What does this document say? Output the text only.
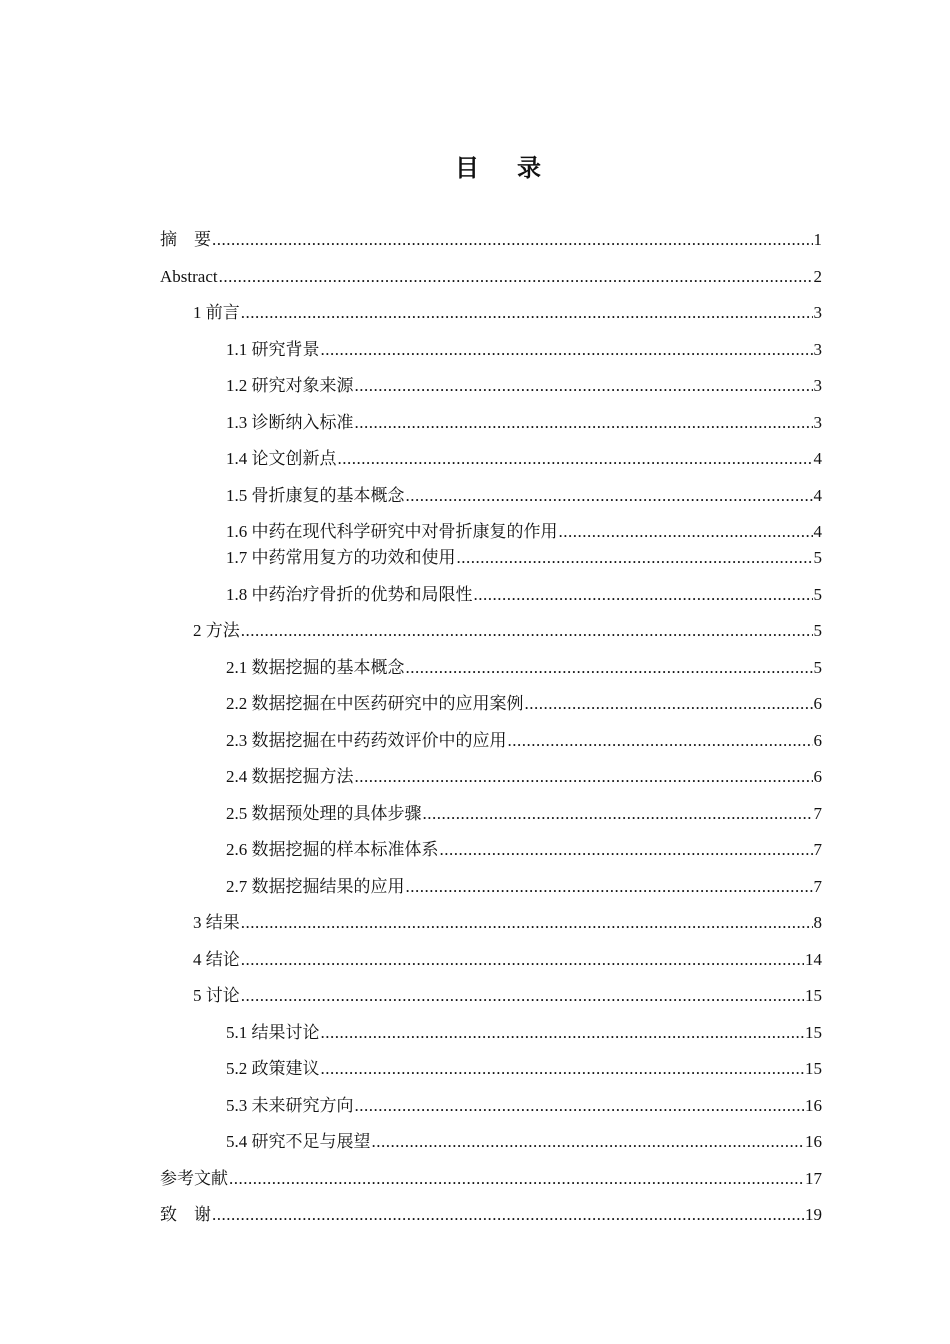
目 录
摘　要 .....	1
Abstract .....	2
1 前言 .....	3
1.1 研究背景 .....	3
1.2 研究对象来源 .....	3
1.3 诊断纳入标准 .....	3
1.4 论文创新点 .....	4
1.5 骨折康复的基本概念 .....	4
1.6 中药在现代科学研究中对骨折康复的作用 .....	4
1.7 中药常用复方的功效和使用 .....	5
1.8 中药治疗骨折的优势和局限性 .....	5
2 方法 .....	5
2.1 数据挖掘的基本概念 .....	5
2.2 数据挖掘在中医药研究中的应用案例 .....	6
2.3 数据挖掘在中药药效评价中的应用 .....	6
2.4 数据挖掘方法 .....	6
2.5 数据预处理的具体步骤 .....	7
2.6 数据挖掘的样本标准体系 .....	7
2.7 数据挖掘结果的应用 .....	7
3 结果 .....	8
4 结论 .....	14
5 讨论 .....	15
5.1 结果讨论 .....	15
5.2 政策建议 .....	15
5.3 未来研究方向 .....	16
5.4 研究不足与展望 .....	16
参考文献 .....	17
致　谢 .....	19
